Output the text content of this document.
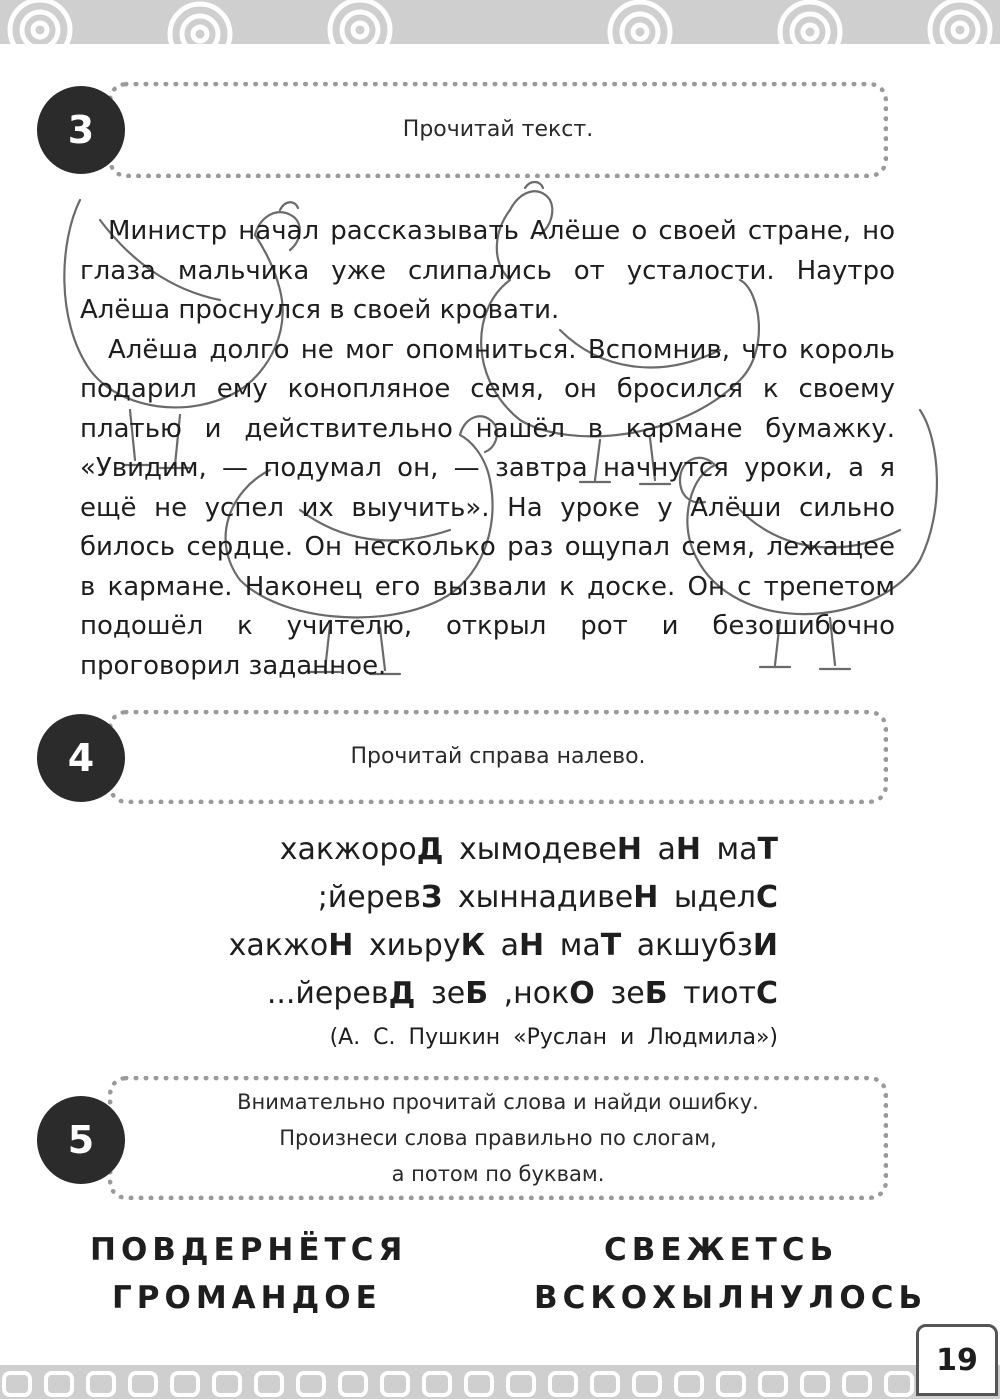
Прочитай текст.
3

Министр начал рассказывать Алёше о своей стране, но глаза мальчика уже слипались от усталости. Наутро Алёша проснулся в своей кровати.

Алёша долго не мог опомниться. Вспомнив, что король подарил ему конопляное семя, он бросился к своему платью и действительно нашёл в кармане бумажку. «Увидим, — подумал он, — завтра начнутся уроки, а я ещё не успел их выучить». На уроке у Алёши сильно билось сердце. Он несколько раз ощупал семя, лежащее в кармане. Наконец его вызвали к доске. Он с трепетом подошёл к учителю, открыл рот и безошибочно проговорил заданное.

Прочитай справа налево.
4
хакжороД хымодевеН аН маТ
;йеревЗ хыннадивеН ыделС
хакжоН хиьруК аН маТ акшубзИ
...йеревД зеБ ,нокО зеБ тиотС
(А. С. Пушкин «Руслан и Людмила»)
Внимательно прочитай слова и найди ошибку.
Произнеси слова правильно по слогам,
а потом по буквам.
5
ПОВДЕРНЁТСЯ	СВЕЖЕТСЬ
ГРОМАНДОЕ	ВСКОХЫЛНУЛОСЬ
19
